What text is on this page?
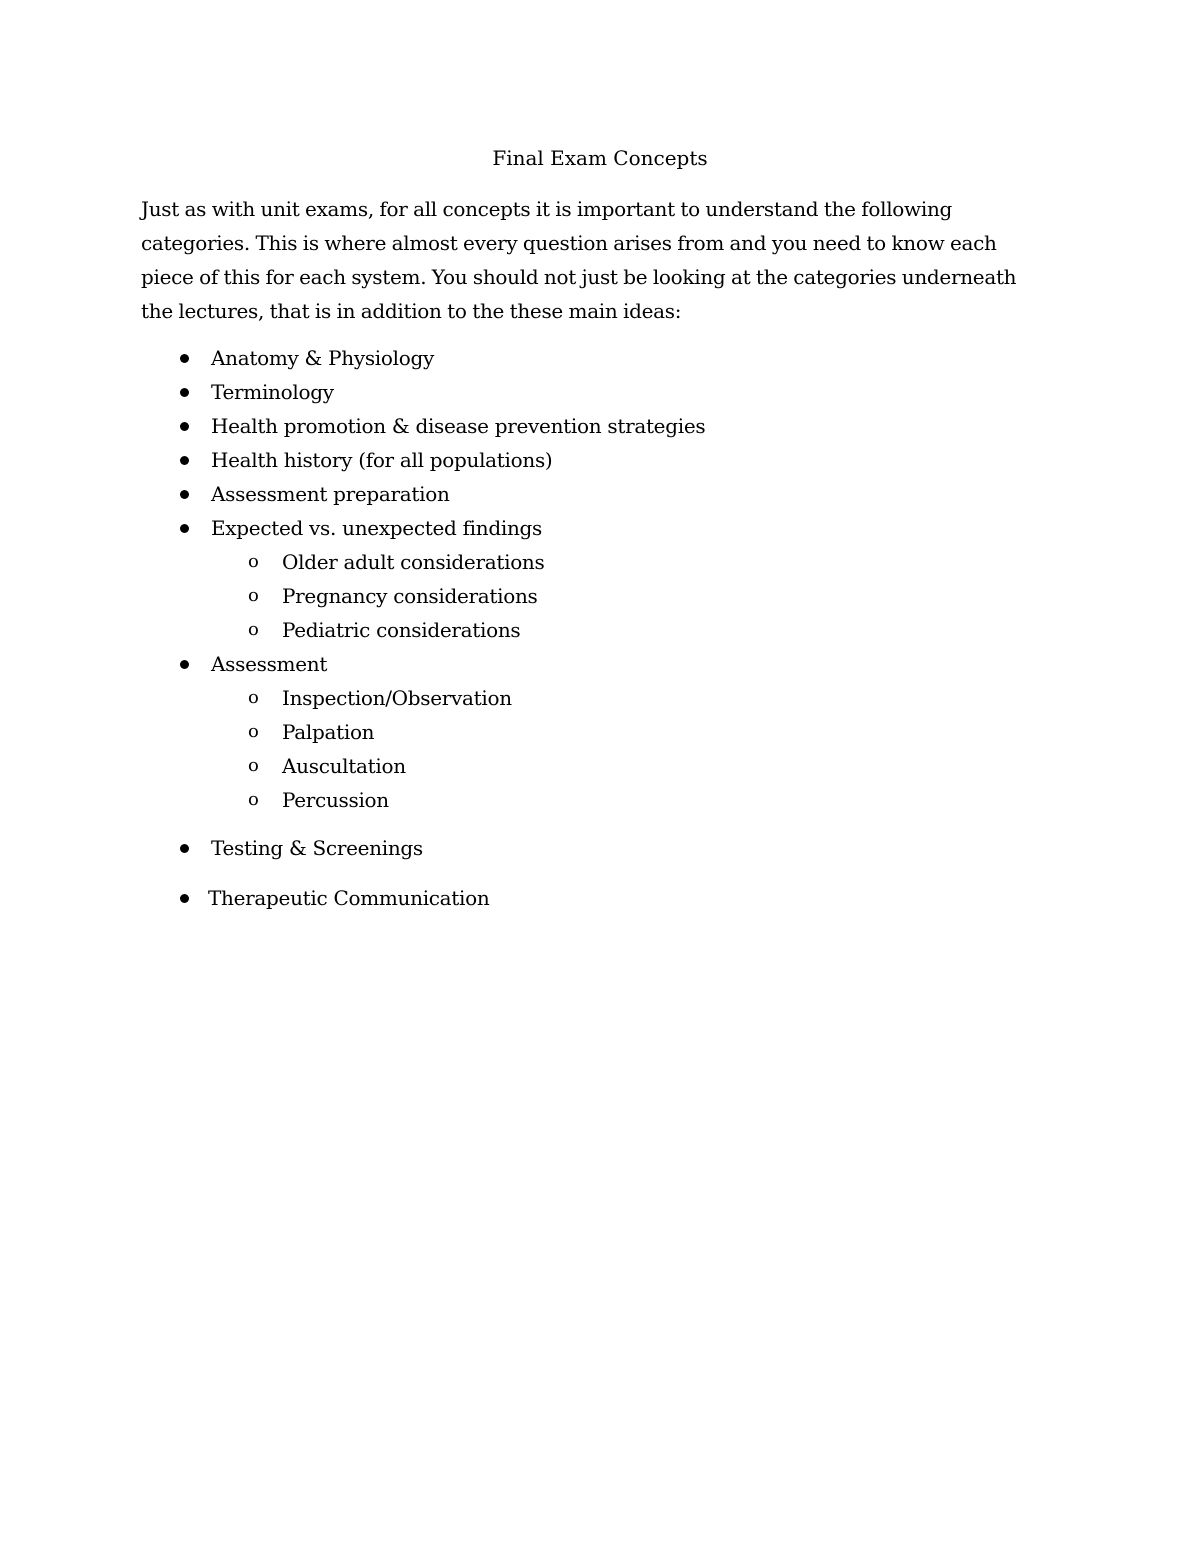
Final Exam Concepts
Just as with unit exams, for all concepts it is important to understand the following categories. This is where almost every question arises from and you need to know each piece of this for each system. You should not just be looking at the categories underneath the lectures, that is in addition to the these main ideas:
Anatomy & Physiology
Terminology
Health promotion & disease prevention strategies
Health history (for all populations)
Assessment preparation
Expected vs. unexpected findings
o Older adult considerations
o Pregnancy considerations
o Pediatric considerations
Assessment
o Inspection/Observation
o Palpation
o Auscultation
o Percussion
Testing & Screenings
Therapeutic Communication
